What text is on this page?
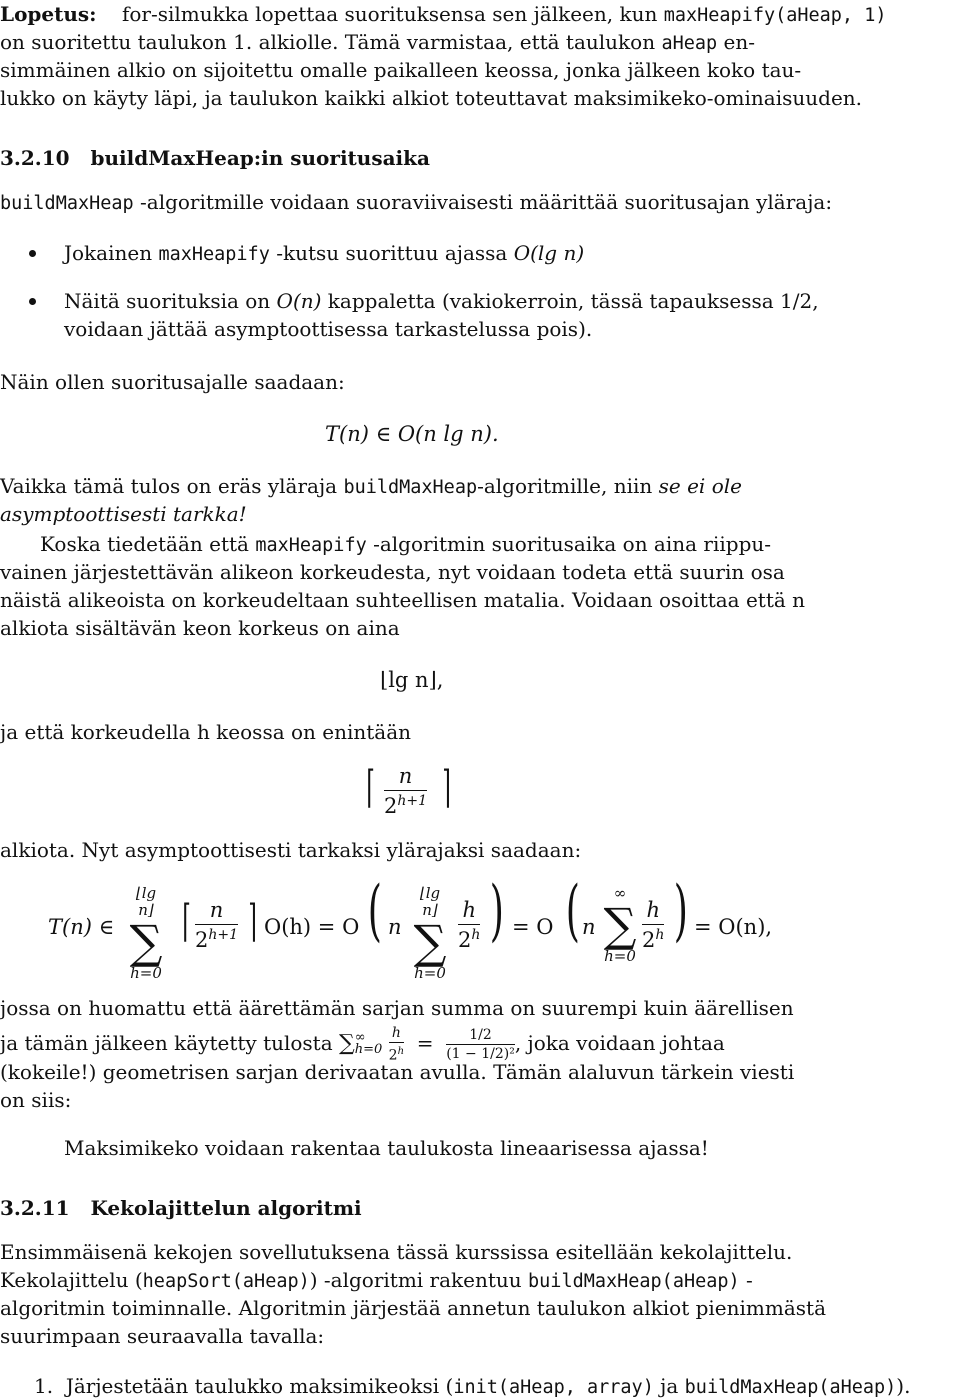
Lopetus: for-silmukka lopettaa suorituksensa sen jälkeen, kun maxHeapify(aHeap, 1)
on suoritettu taulukon 1. alkiolle. Tämä varmistaa, että taulukon aHeap en-
simmäinen alkio on sijoitettu omalle paikalleen keossa, jonka jälkeen koko tau-
lukko on käyty läpi, ja taulukon kaikki alkiot toteuttavat maksimikeko-ominaisuuden.
3.2.10 buildMaxHeap:in suoritusaika
buildMaxHeap -algoritmille voidaan suoraviivaisesti määrittää suoritusajan yläraja:
Jokainen maxHeapify -kutsu suorittuu ajassa O(lg n)
Näitä suorituksia on O(n) kappaletta (vakiokerroin, tässä tapauksessa 1/2,
voidaan jättää asymptoottisessa tarkastelussa pois).
Näin ollen suoritusajalle saadaan:
T(n) ∈ O(n lg n).
Vaikka tämä tulos on eräs yläraja buildMaxHeap-algoritmille, niin se ei ole
asymptoottisesti tarkka!
Koska tiedetään että maxHeapify -algoritmin suoritusaika on aina riippu-
vainen järjestettävän alikeon korkeudesta, nyt voidaan todeta että suurin osa
näistä alikeoista on korkeudeltaan suhteellisen matalia. Voidaan osoittaa että n
alkiota sisältävän keon korkeus on aina
⌊lg n⌋,
ja että korkeudella h keossa on enintään
⌈ $\frac{n}{2^{h+1}}$ ⌉
alkiota. Nyt asymptoottisesti tarkaksi ylärajaksi saadaan:
T(n) ∈
⌊lg n⌋
∑
h=0
⌈ $\frac{n}{2^{h+1}}$ ⌉ O(h) = O ( n
⌊lg n⌋
∑
h=0
$\frac{h}{2^h}$ ) = O ( n
∞
∑
h=0
$\frac{h}{2^h}$ ) = O(n),
jossa on huomattu että äärettämän sarjan summa on suurempi kuin äärellisen
ja tämän jälkeen käytetty tulosta ∑ ∞
h=0
$\frac{h}{2^h} = \frac{1/2}{\text{(1 − 1/2)²}}$ , joka voidaan johtaa
(kokeile!) geometrisen sarjan derivaatan avulla. Tämän alaluvun tärkein viesti
on siis:
Maksimikeko voidaan rakentaa taulukosta lineaarisessa ajassa!
3.2.11 Kekolajittelun algoritmi
Ensimmäisenä kekojen sovellutuksena tässä kurssissa esitellään kekolajittelu.
Kekolajittelu (heapSort(aHeap)) -algoritmi rakentuu buildMaxHeap(aHeap) -
algoritmin toiminnalle. Algoritmin järjestää annetun taulukon alkiot pienimmästä
suurimpaan seuraavalla tavalla:
1. Järjestetään taulukko maksimikeoksi (init(aHeap, array) ja buildMaxHeap(aHeap)).
